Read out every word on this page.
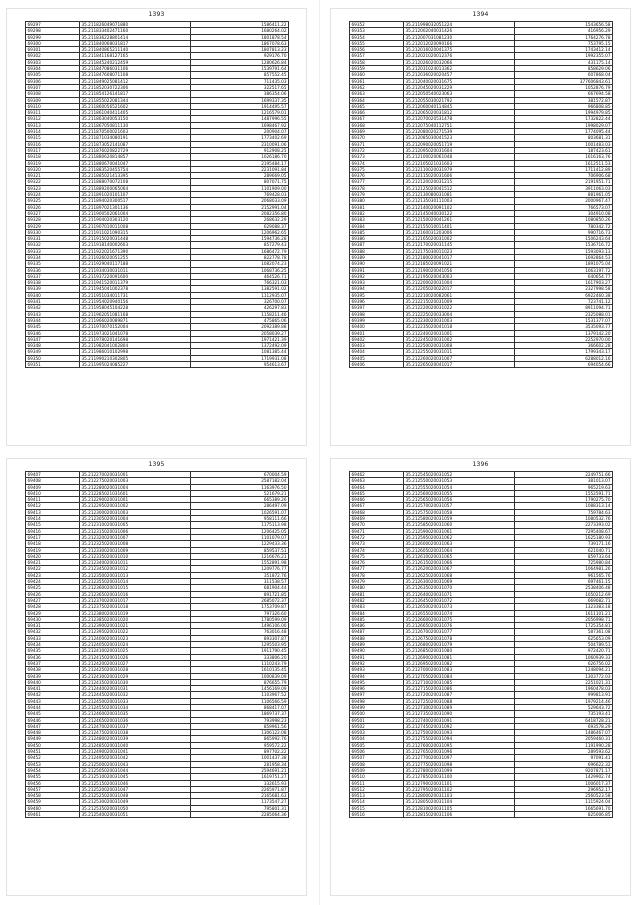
1393
69297	35.211826049071880	1586411.22
69298	35.211833402471160	1680264.02
69299	35.211836228801414	1801878.54
69300	35.211840068031817	1867078.63
69301	35.211840865211140	1807813.23
69302	35.211841168127165	929176.70
69303	35.211845240212459	1280626.84
69304	35.211847086031106	1539791.64
69305	35.211847608071108	857552.45
69306	35.211849025081412	711435.03
69307	35.211852030722306	322517.65
69308	35.211854126141817	386354.06
69309	35.211855022081344	1699337.35
69310	35.211860056521602	1914495.57
69311	35.211861040411405	1216579.01
69312	35.211863040053150	1487996.55
69313	35.211867050811130	1698467.92
69314	35.211870500021603	200904.07
69315	35.211871034080191	1773402.69
69316	35.211873052141087	2310091.06
69317	35.211876020822729	912908.25
69318	35.211880620814857	1026186.70
69319	35.211880670041047	2195484.17
69320	35.211883520455754	2231091.84
69321	35.211885021413395	289669.05
69322	35.211888070072108	807071.75
69323	35.211889200065064	1101909.00
69324	35.211891020101107	769428.03
69325	35.211894020300517	2068033.09
69326	35.211897021301136	2152991.04
69327	35.211900502061004	2082356.80
69328	35.211904020303120	268632.29
69329	35.211907010011008	629088.37
69330	35.211911021090315	1206962.65
69331	35.211915020031448	1594736.28
69332	35.211918140002603	857279.43
69333	35.211922021671390	1686472.79
69334	35.211926020051255	822778.78
69335	35.211929040117188	1082074.23
69336	35.211934030031011	1068736.25
69337	35.211937220091600	464526.71
69338	35.211941520011379	766321.03
69339	35.211945041002378	1382591.02
69340	35.211951034011731	1112935.07
69341	35.211954020940156	326700.07
69342	35.211958045104228	426297.83
69343	35.211962051081168	1158211.46
69344	35.211966020089871	475865.06
69345	35.211970070152004	2092389.88
69346	35.211973021041078	2058039.27
69347	35.211978020141698	1971421.39
69348	35.211982041002804	1372492.09
69349	35.211986010102998	1081385.44
69350	35.211990210302805	1719931.08
69351	35.211995024085227	954613.67
1394
69352	35.211998032051224	1543656.58
69353	35.212002040031426	416956.29
69354	35.212007031081230	1764276.78
69355	35.212012020090166	753795.15
69356	35.212016020041375	1743412.14
69357	35.212021020012376	1992355.07
69358	35.212026020032066	431175.14
69359	35.212031024013362	858629.06
69360	35.212036020020457	607868.04
69361	35.212040020031675	377606843.61
69362	35.212045020031229	1052876.79
69363	35.212050540023063	667694.58
69364	35.212055030021792	381572.87
69365	35.212060040114845	966808.85
69366	35.212065020031812	1994979.85
69367	35.212070020531478	1732822.44
69368	35.212075040112751	1998029.07
69369	35.212080020271539	1774095.44
69370	35.212085030041523	803681.31
69371	35.212090020051719	1001483.03
69372	35.212095020031604	187423.61
69373	35.212100020061048	1616163.76
69374	35.212105021031603	1612511.53
69375	35.212110020031979	1711412.89
69376	35.212115020031606	706906.68
69377	35.212120020031215	2191951.71
69378	35.212125020041512	3911063.03
69379	35.212130080031081	881961.05
69380	35.212135030111003	2000967.47
69381	35.212140020091102	766573.07
69382	35.212145040030122	304910.08
69383	35.212150020041261	1080850.26
69384	35.212155010011401	780342.72
69385	35.212160031203006	990716.73
69386	35.212165020031002	1506243.64
69387	35.212170020031145	1536716.72
69388	35.212175030011023	1593093.13
69389	35.212180020041017	1692864.53
69390	35.212185020091021	1891075.04
69391	35.212190020041056	1063197.72
69392	35.212195020043003	640654.77
69393	35.212200020031004	1617903.27
69394	35.212205020022017	2327998.58
69395	35.212210020082061	6922460.38
69396	35.212215020031009	723741.12
69397	35.212220020031022	8911094.71
69398	35.212225020033004	2325088.01
69399	35.212230020031003	1531377.07
69400	35.212235020041018	3535093.77
69401	35.212240020031001	1379142.20
69402	35.212245020031002	2252970.00
69403	35.212250020031008	366602.28
69404	35.212255020031011	1799343.17
69405	35.212260020031007	6288012.16
69406	35.212265020041017	694054.66
1395
69407	35.212270020031001	670004.59
69408	35.212275020031003	2587182.04
69409	35.212280020031004	1163976.50
69410	35.212285021031601	521679.21
69411	35.212290020031001	665389.26
69412	35.212295020031002	286497.09
69413	35.212300020031003	1026591.07
69414	35.212305020031004	958111.66
69415	35.212310020031005	1175113.98
69416	35.212315020031006	1206425.05
69417	35.212320020031007	1101079.07
69418	35.212325020031008	1229433.36
69419	35.212330020031009	859537.51
69420	35.212335020031010	1216676.21
69421	35.212340020031011	1552891.98
69422	35.212345020031012	1209776.77
69423	35.212350020031013	351872.76
69424	35.212355020031014	311538.57
69425	35.212360020031015	681904.44
69426	35.212365020031016	891721.85
69427	35.212370020031017	2685072.37
69428	35.212375020031018	1753709.87
69429	35.212380020031019	797326.60
69430	35.212385020031020	1780599.09
69431	35.212390020031021	1496106.00
69432	35.212395020031022	763016.48
69433	35.212400020031023	893307.87
69434	35.212405020031024	1295503.95
69435	35.212410020031025	1911790.45
69436	35.212415020031026	333806.20
69437	35.212420020031027	1110243.79
69438	35.212425020031028	1610135.45
69439	35.212430020031029	1000839.09
69440	35.212435020031030	876655.79
69441	35.212440020031031	1456169.09
69442	35.212445020031032	1103967.52
69443	35.212450020031033	1106566.59
69444	35.212455020031034	868417.07
69445	35.212460020031035	1869737.37
69446	35.212465020031036	793998.23
69447	35.212470020031037	859961.56
69448	35.212475020031038	1306122.08
69449	35.212480020031039	865992.76
69450	35.212485020031040	959572.22
69451	35.212490020031041	897702.22
69452	35.212495020031042	1001437.38
69453	35.212500020031043	281958.34
69454	35.212505020031044	2594691.21
69455	35.212510020031045	1619751.27
69456	35.212515020031046	332615.93
69457	35.212520020031047	2265971.87
69458	35.212525020031048	2165681.63
69459	35.212530020031049	1173547.27
69460	35.212535020031050	795801.31
69461	35.212540020031051	2285064.36
1396
69462	35.212545020031052	2249751.66
69463	35.212550020031053	381013.07
69464	35.212555020031054	965219.63
69465	35.212560020031055	1552591.71
69466	35.212565020031056	1790275.70
69467	35.212570020031057	1088313.14
69468	35.212575020031058	759784.63
69469	35.212580020031059	1080532.76
69470	35.212585020031060	2273393.02
69471	35.212590020031061	7295408.67
69472	35.212595020031062	1625180.93
69473	35.212600020031063	739171.16
69474	35.212605020031064	621040.71
69475	35.212610020031065	859733.64
69476	35.212615020031066	725980.84
69477	35.212620020031067	1064981.26
69478	35.212625020031068	961565.76
69479	35.212630020031069	697461.15
69480	35.212635020031070	2538406.48
69481	35.212640020031071	1050212.69
69482	35.212645020031072	669082.71
69483	35.212650020031073	1323383.18
69484	35.212655020031074	1611101.21
69485	35.212660020031075	2056998.71
69486	35.212665020031076	1725354.81
69487	35.212670020031077	587361.08
69488	35.212675020031078	625653.09
69489	35.212680020031079	504789.51
69490	35.212685020031080	972420.71
69491	35.212690020031081	1060939.33
69492	35.212695020031082	626756.02
69493	35.212700020031083	1248094.21
69494	35.212705020031084	1303772.03
69495	35.212710020031085	2251021.31
69496	35.212715020031086	1960478.03
69497	35.212720020031087	999813.91
69498	35.212725020031088	1979214.46
69499	35.212730020031089	529643.72
69500	35.212735020031090	735193.41
69501	35.212740020031091	6418728.21
69502	35.212745020031092	693578.29
69503	35.212750020031093	1486467.07
69504	35.212755020031094	2059460.31
69505	35.212760020031095	1191990.28
69506	35.212765020031096	289593.62
69507	35.212770020031097	97091.41
69508	35.212775020031098	696622.32
69509	35.212780020031099	9207871.17
69510	35.212785020031100	1429902.74
69511	35.212790020031101	1006017.37
69512	35.212795020031102	296952.17
69513	35.212800020031103	2560523.58
69514	35.212805020031104	1115924.04
69515	35.212810020031105	1665691.70
69516	35.212815020031106	825006.85
